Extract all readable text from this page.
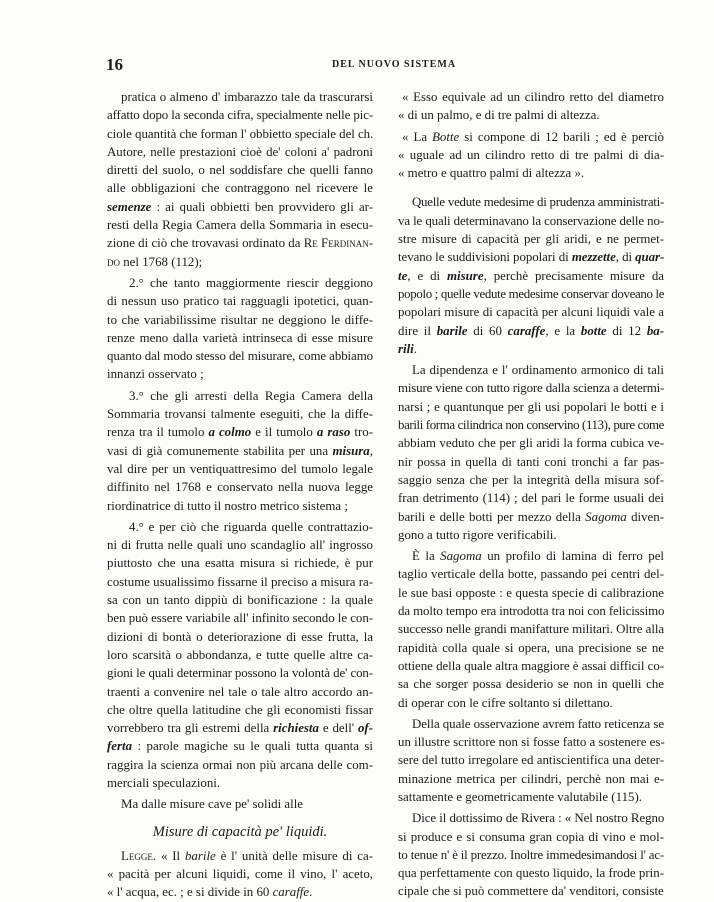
16	DEL NUOVO SISTEMA
pratica o almeno d' imbarazzo tale da trascurarsi
affatto dopo la seconda cifra, specialmente nelle pic-
ciole quantità che forman l' obbietto speciale del ch.
Autore, nelle prestazioni cioè de' coloni a' padroni
diretti del suolo, o nel soddisfare che quelli fanno
alle obbligazioni che contraggono nel ricevere le
semenze : ai quali obbietti ben provvidero gli ar-
resti della Regia Camera della Sommaria in esecu-
zione di ciò che trovavasi ordinato da Re Ferdinan-
do nel 1768 (112);
2.° che tanto maggiormente riescir deggiono
di nessun uso pratico tai ragguagli ipotetici, quan-
to che variabilissime risultar ne deggiono le diffe-
renze meno dalla varietà intrinseca di esse misure
quanto dal modo stesso del misurare, come abbiamo
innanzi osservato ;
3.° che gli arresti della Regia Camera della
Sommaria trovansi talmente eseguiti, che la diffe-
renza tra il tumolo a colmo e il tumolo a raso tro-
vasi di già comunemente stabilita per una misura,
val dire per un ventiquattresimo del tumolo legale
diffinito nel 1768 e conservato nella nuova legge
riordinatrice di tutto il nostro metrico sistema ;
4.° e per ciò che riguarda quelle contrattazio-
ni di frutta nelle quali uno scandaglio all' ingrosso
piuttosto che una esatta misura si richiede, è pur
costume usualissimo fissarne il preciso a misura ra-
sa con un tanto dippiù di bonificazione : la quale
ben può essere variabile all' infinito secondo le con-
dizioni di bontà o deteriorazione di esse frutta, la
loro scarsità o abbondanza, e tutte quelle altre ca-
gioni le quali determinar possono la volontà de' con-
traenti a convenire nel tale o tale altro accordo an-
che oltre quella latitudine che gli economisti fissar
vorrebbero tra gli estremi della richiesta e dell' of-
ferta : parole magiche su le quali tutta quanta si
raggira la scienza ormai non più arcana delle com-
merciali speculazioni.
Ma dalle misure cave pe' solidi alle
Misure di capacità pe' liquidi.
Legge. « Il barile è l' unità delle misure di ca-
« pacità per alcuni liquidi, come il vino, l' aceto,
« l' acqua, ec. ; e si divide in 60 caraffe.
« Esso equivale ad un cilindro retto del diametro
« di un palmo, e di tre palmi di altezza.
« La Botte si compone di 12 barili ; ed è perciò
« uguale ad un cilindro retto di tre palmi di dia-
« metro e quattro palmi di altezza ».
Quelle vedute medesime di prudenza amministrati-
va le quali determinavano la conservazione delle no-
stre misure di capacità per gli aridi, e ne permet-
tevano le suddivisioni popolari di mezzette, di quar-
te, e di misure, perchè precisamente misure da
popolo ; quelle vedute medesime conservar doveano le
popolari misure di capacità per alcuni liquidi vale a
dire il barile di 60 caraffe, e la botte di 12 ba-
rili.
La dipendenza e l' ordinamento armonico di tali
misure viene con tutto rigore dalla scienza a determi-
narsi ; e quantunque per gli usi popolari le botti e i
barili forma cilindrica non conservino (113), pure come
abbiam veduto che per gli aridi la forma cubica ve-
nir possa in quella di tanti coni tronchi a far pas-
saggio senza che per la integrità della misura sof-
fran detrimento (114) ; del pari le forme usuali dei
barili e delle botti per mezzo della Sagoma diven-
gono a tutto rigore verificabili.
È la Sagoma un profilo di lamina di ferro pel
taglio verticale della botte, passando pei centri del-
le sue basi opposte : e questa specie di calibrazione
da molto tempo era introdotta tra noi con felicissimo
successo nelle grandi manifatture militari. Oltre alla
rapidità colla quale si opera, una precisione se ne
ottiene della quale altra maggiore è assai difficil co-
sa che sorger possa desiderio se non in quelli che
di operar con le cifre soltanto si dilettano.
Della quale osservazione avrem fatto reticenza se
un illustre scrittore non si fosse fatto a sostenere es-
sere del tutto irregolare ed antiscientifica una deter-
minazione metrica per cilindri, perchè non mai e-
sattamente e geometricamente valutabile (115).
Dice il dottissimo de Rivera : « Nel nostro Regno
si produce e si consuma gran copia di vino e mol-
to tenue n' è il prezzo. Inoltre immedesimandosi l' ac-
qua perfettamente con questo liquido, la frode prin-
cipale che si può commettere da' venditori, consiste
